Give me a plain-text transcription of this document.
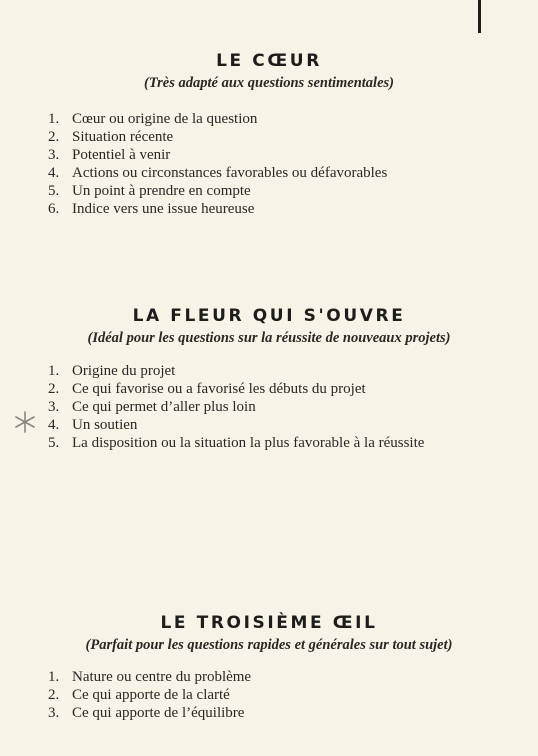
LE CŒUR
(Très adapté aux questions sentimentales)
1. Cœur ou origine de la question
2. Situation récente
3. Potentiel à venir
4. Actions ou circonstances favorables ou défavorables
5. Un point à prendre en compte
6. Indice vers une issue heureuse
LA FLEUR QUI S'OUVRE
(Idéal pour les questions sur la réussite de nouveaux projets)
1. Origine du projet
2. Ce qui favorise ou a favorisé les débuts du projet
3. Ce qui permet d’aller plus loin
4. Un soutien
5. La disposition ou la situation la plus favorable à la réussite
LE TROISIÈME ŒIL
(Parfait pour les questions rapides et générales sur tout sujet)
1. Nature ou centre du problème
2. Ce qui apporte de la clarté
3. Ce qui apporte de l’équilibre
